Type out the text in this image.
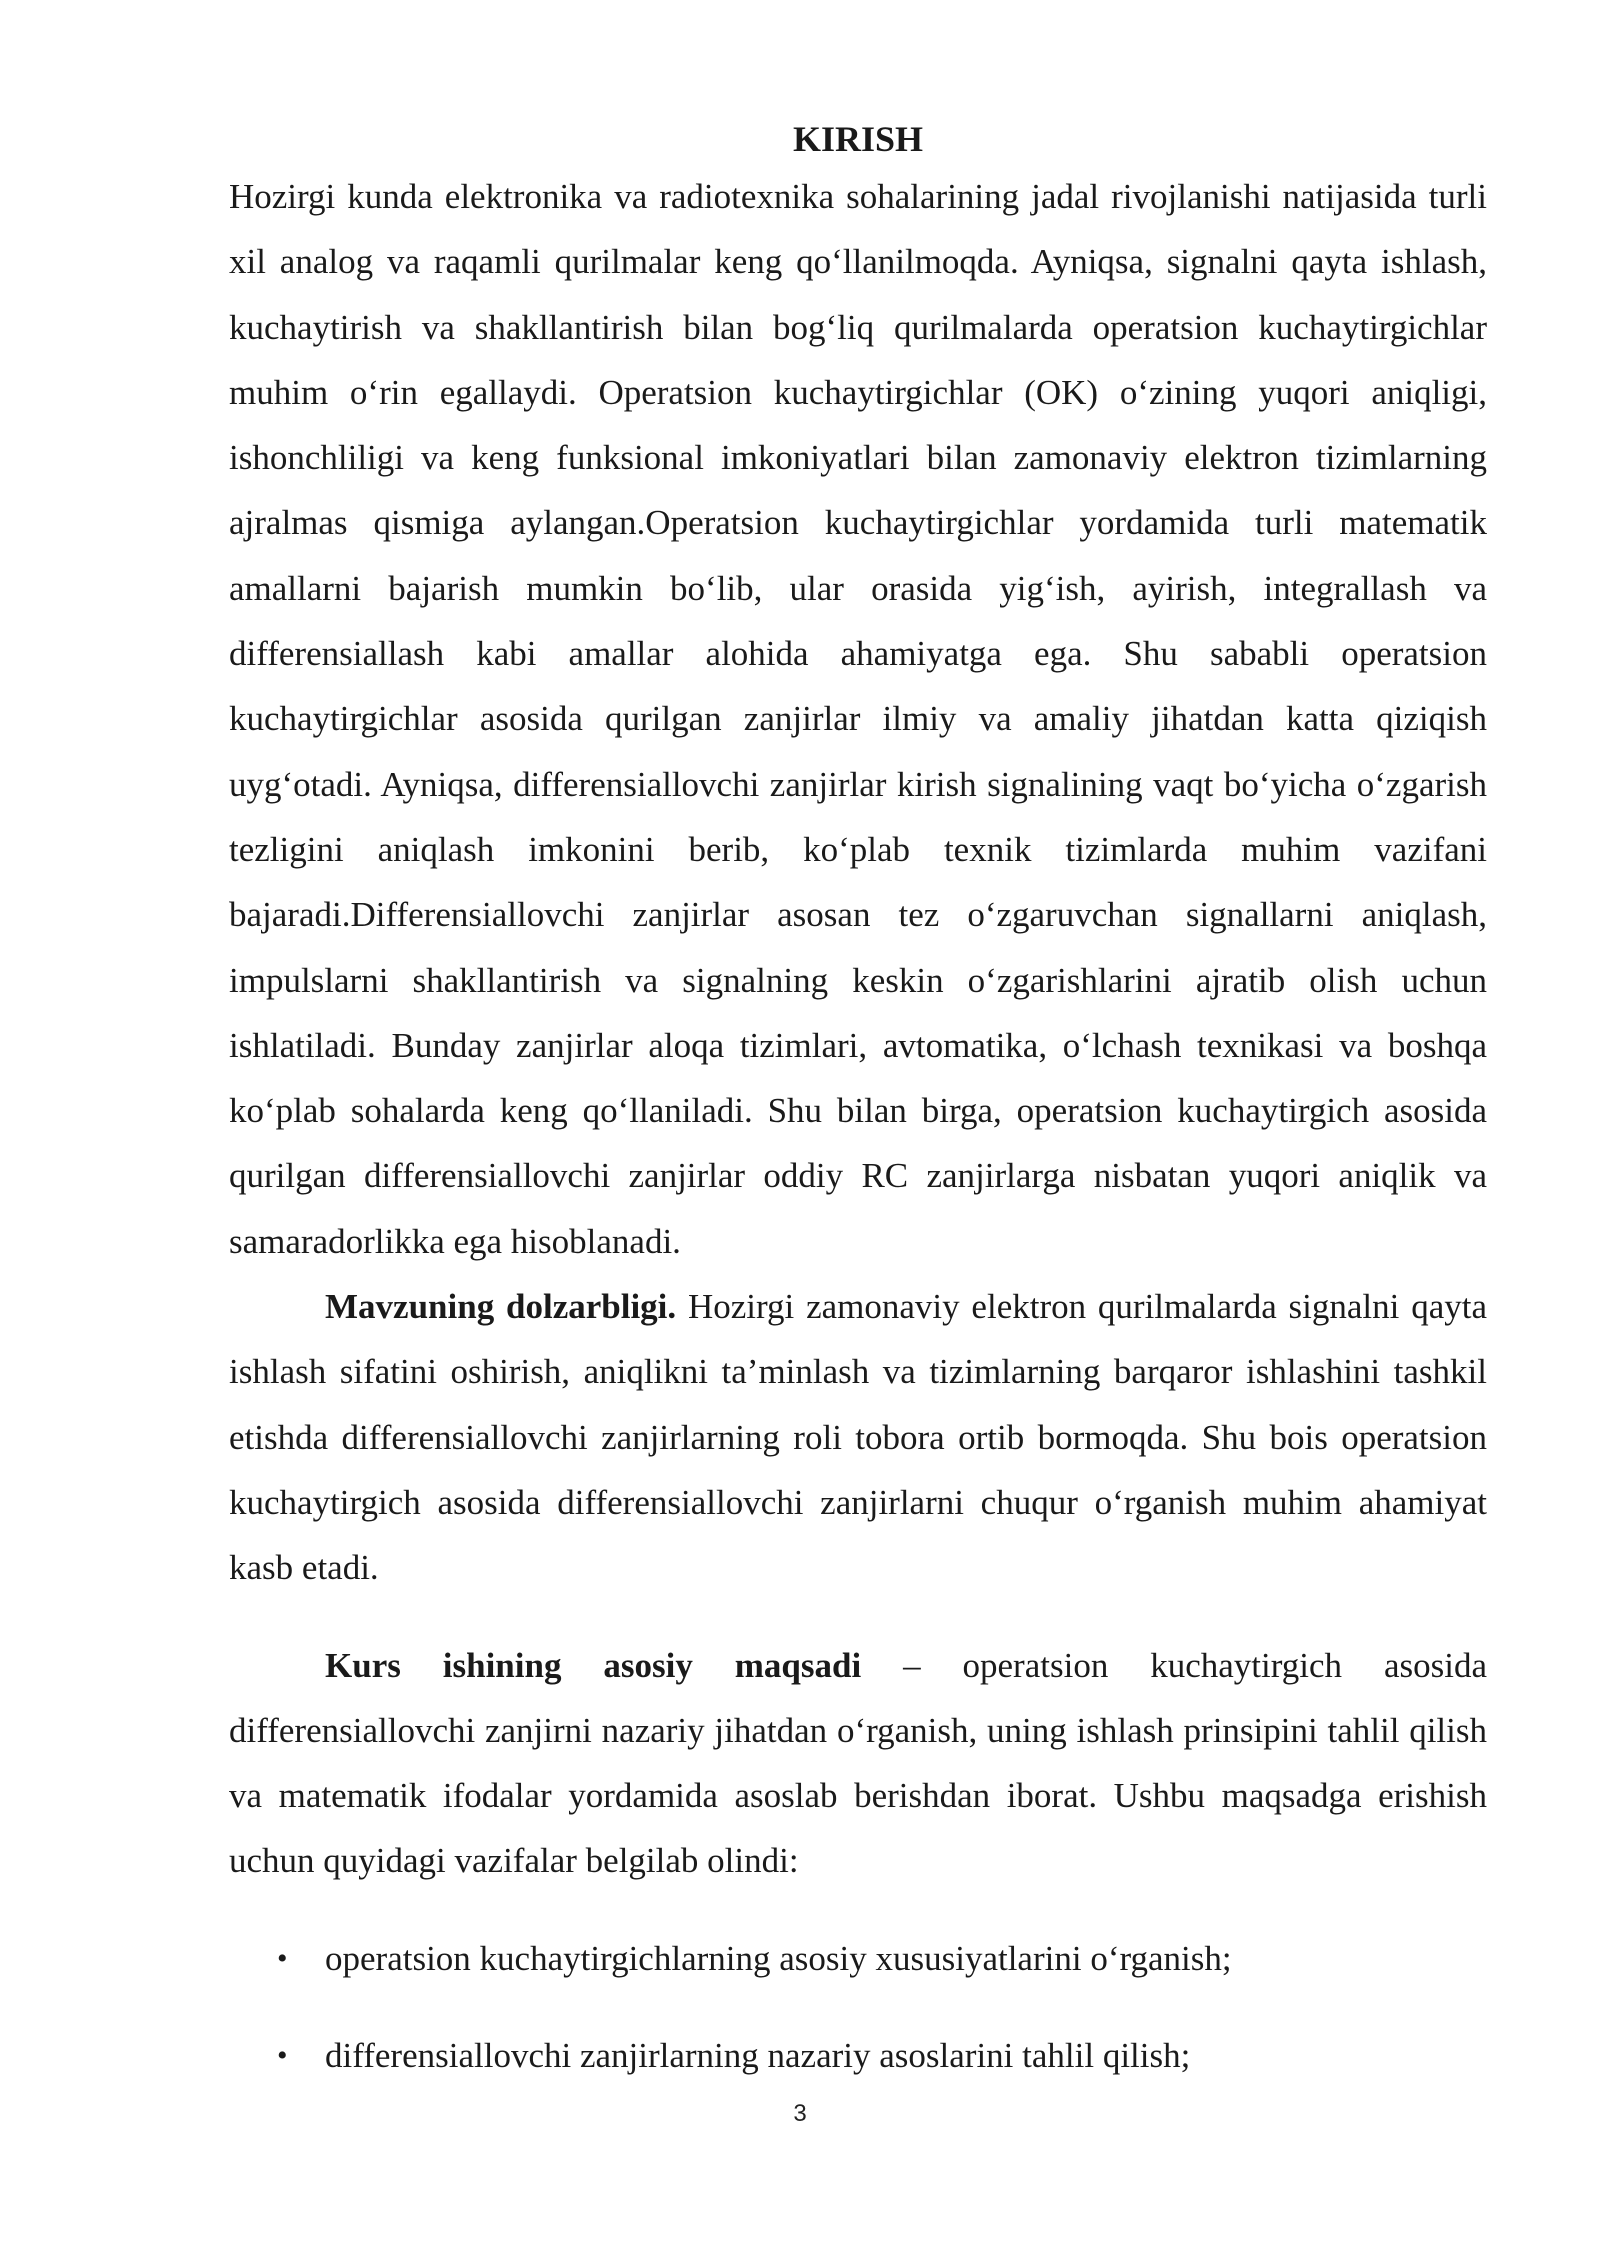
KIRISH

Hozirgi kunda elektronika va radiotexnika sohalarining jadal rivojlanishi natijasida turli xil analog va raqamli qurilmalar keng qo‘llanilmoqda. Ayniqsa, signalni qayta ishlash, kuchaytirish va shakllantirish bilan bog‘liq qurilmalarda operatsion kuchaytirgichlar muhim o‘rin egallaydi. Operatsion kuchaytirgichlar (OK) o‘zining yuqori aniqligi, ishonchliligi va keng funksional imkoniyatlari bilan zamonaviy elektron tizimlarning ajralmas qismiga aylangan.Operatsion kuchaytirgichlar yordamida turli matematik amallarni bajarish mumkin bo‘lib, ular orasida yig‘ish, ayirish, integrallash va differensiallash kabi amallar alohida ahamiyatga ega. Shu sababli operatsion kuchaytirgichlar asosida qurilgan zanjirlar ilmiy va amaliy jihatdan katta qiziqish uyg‘otadi. Ayniqsa, differensiallovchi zanjirlar kirish signalining vaqt bo‘yicha o‘zgarish tezligini aniqlash imkonini berib, ko‘plab texnik tizimlarda muhim vazifani bajaradi.Differensiallovchi zanjirlar asosan tez o‘zgaruvchan signallarni aniqlash, impulslarni shakllantirish va signalning keskin o‘zgarishlarini ajratib olish uchun ishlatiladi. Bunday zanjirlar aloqa tizimlari, avtomatika, o‘lchash texnikasi va boshqa ko‘plab sohalarda keng qo‘llaniladi. Shu bilan birga, operatsion kuchaytirgich asosida qurilgan differensiallovchi zanjirlar oddiy RC zanjirlarga nisbatan yuqori aniqlik va samaradorlikka ega hisoblanadi.

Mavzuning dolzarbligi. Hozirgi zamonaviy elektron qurilmalarda signalni qayta ishlash sifatini oshirish, aniqlikni ta’minlash va tizimlarning barqaror ishlashini tashkil etishda differensiallovchi zanjirlarning roli tobora ortib bormoqda. Shu bois operatsion kuchaytirgich asosida differensiallovchi zanjirlarni chuqur o‘rganish muhim ahamiyat kasb etadi.

Kurs ishining asosiy maqsadi – operatsion kuchaytirgich asosida differensiallovchi zanjirni nazariy jihatdan o‘rganish, uning ishlash prinsipini tahlil qilish va matematik ifodalar yordamida asoslab berishdan iborat. Ushbu maqsadga erishish uchun quyidagi vazifalar belgilab olindi:

• operatsion kuchaytirgichlarning asosiy xususiyatlarini o‘rganish;
• differensiallovchi zanjirlarning nazariy asoslarini tahlil qilish;
3
